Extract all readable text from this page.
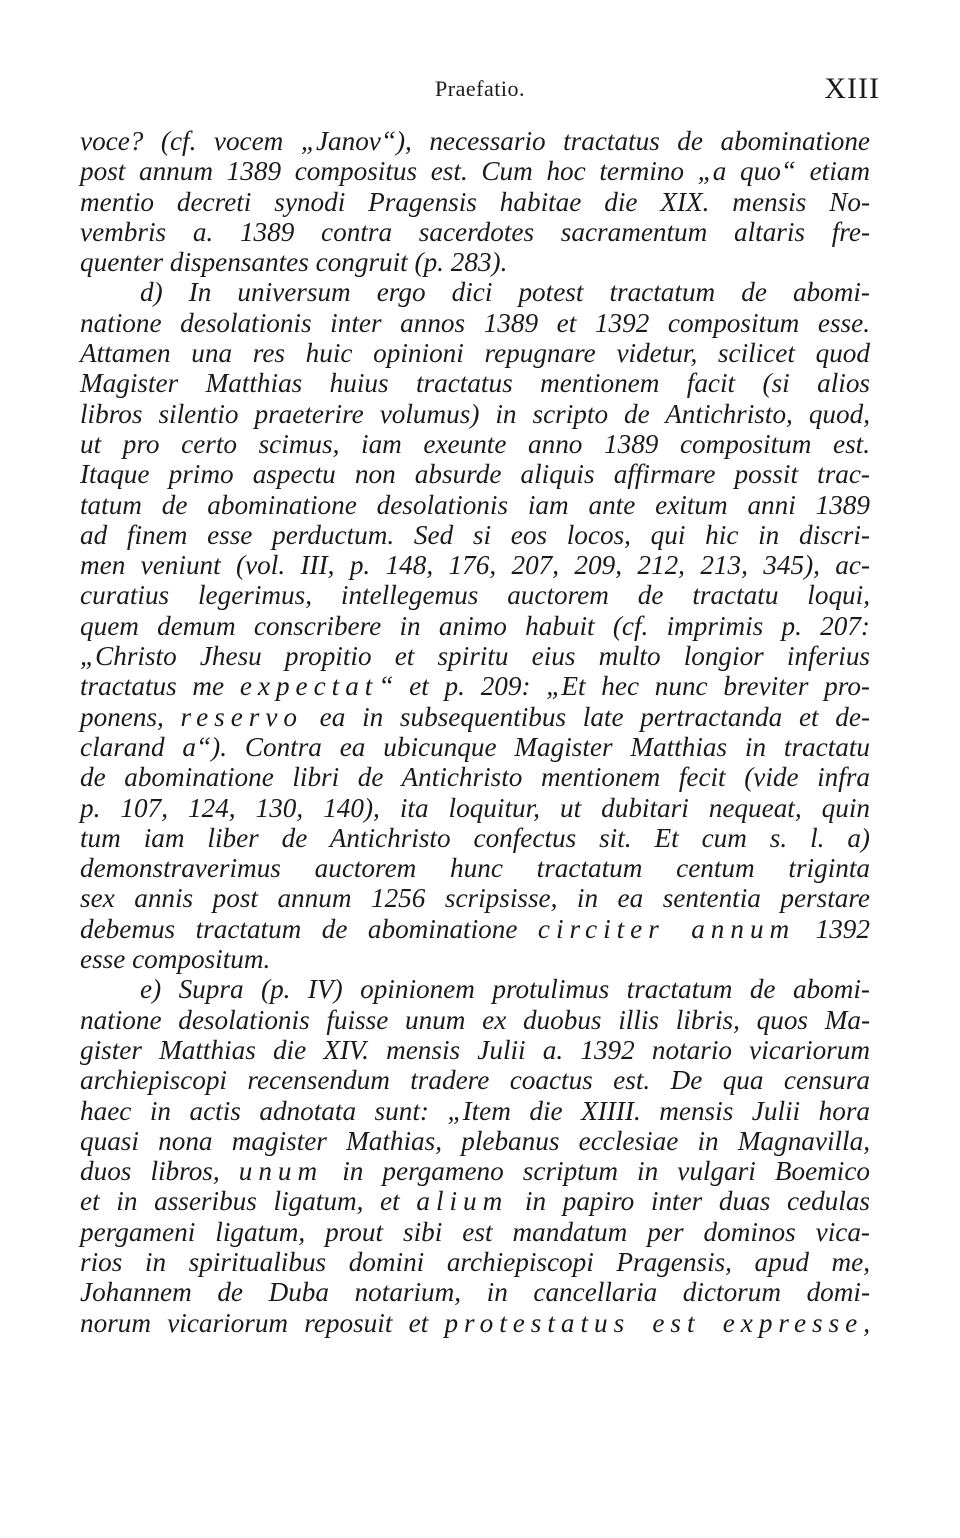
Praefatio.	XIII
voce? (cf. vocem „Janov“), necessario tractatus de abominatione
post annum 1389 compositus est. Cum hoc termino „a quo“ etiam
mentio decreti synodi Pragensis habitae die XIX. mensis No-
vembris a. 1389 contra sacerdotes sacramentum altaris fre-
quenter dispensantes congruit (p. 283).
d) In universum ergo dici potest tractatum de abomi-
natione desolationis inter annos 1389 et 1392 compositum esse.
Attamen una res huic opinioni repugnare videtur, scilicet quod
Magister Matthias huius tractatus mentionem facit (si alios
libros silentio praeterire volumus) in scripto de Antichristo, quod,
ut pro certo scimus, iam exeunte anno 1389 compositum est.
Itaque primo aspectu non absurde aliquis affirmare possit trac-
tatum de abominatione desolationis iam ante exitum anni 1389
ad finem esse perductum. Sed si eos locos, qui hic in discri-
men veniunt (vol. III, p. 148, 176, 207, 209, 212, 213, 345), ac-
curatius legerimus, intellegemus auctorem de tractatu loqui,
quem demum conscribere in animo habuit (cf. imprimis p. 207:
„Christo Jhesu propitio et spiritu eius multo longior inferius
tractatus me expectat“ et p. 209: „Et hec nunc breviter pro-
ponens, reservo ea in subsequentibus late pertractanda et de-
clarand a“). Contra ea ubicunque Magister Matthias in tractatu
de abominatione libri de Antichristo mentionem fecit (vide infra
p. 107, 124, 130, 140), ita loquitur, ut dubitari nequeat, quin
tum iam liber de Antichristo confectus sit. Et cum s. l. a)
demonstraverimus auctorem hunc tractatum centum triginta
sex annis post annum 1256 scripsisse, in ea sententia perstare
debemus tractatum de abominatione circiter annum 1392
esse compositum.
e) Supra (p. IV) opinionem protulimus tractatum de abomi-
natione desolationis fuisse unum ex duobus illis libris, quos Ma-
gister Matthias die XIV. mensis Julii a. 1392 notario vicariorum
archiepiscopi recensendum tradere coactus est. De qua censura
haec in actis adnotata sunt: „Item die XIIII. mensis Julii hora
quasi nona magister Mathias, plebanus ecclesiae in Magnavilla,
duos libros, unum in pergameno scriptum in vulgari Boemico
et in asseribus ligatum, et alium in papiro inter duas cedulas
pergameni ligatum, prout sibi est mandatum per dominos vica-
rios in spiritualibus domini archiepiscopi Pragensis, apud me,
Johannem de Duba notarium, in cancellaria dictorum domi-
norum vicariorum reposuit et protestatus est expresse,
